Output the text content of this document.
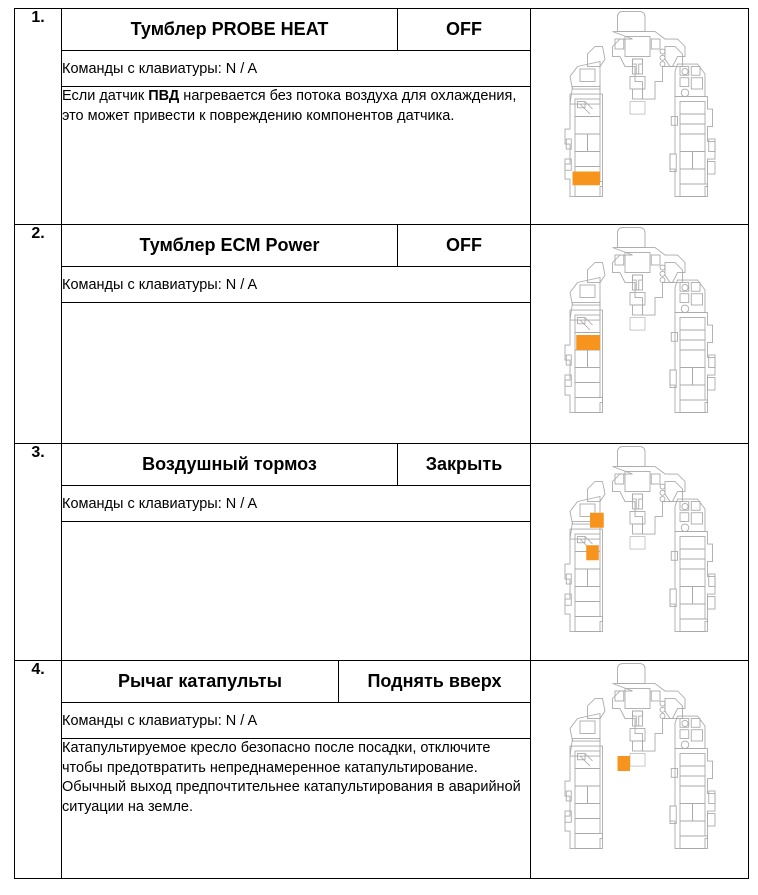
1.	
Тумблер PROBE HEAT	OFF
Команды с клавиатуры: N / A

Если датчик ПВД нагревается без потока воздуха для охлаждения, это может привести к повреждению компонентов датчика.

2.	
Тумблер ECM Power	OFF
Команды с клавиатуры: N / A

3.	
Воздушный тормоз	Закрыть
Команды с клавиатуры: N / A

4.	
Рычаг катапульты	Поднять вверх
Команды с клавиатуры: N / A

Катапультируемое кресло безопасно после посадки, отключите чтобы предотвратить непреднамеренное катапультирование. Обычный выход предпочтительнее катапультирования в аварийной ситуации на земле.
